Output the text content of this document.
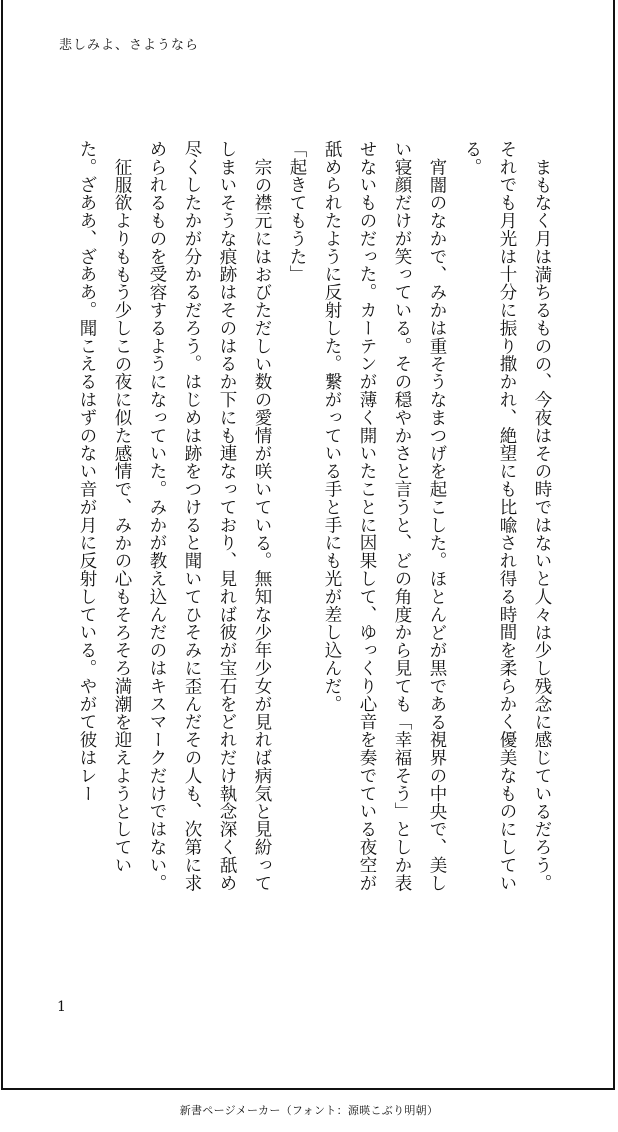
悲しみよ、さようなら

まもなく月は満ちるものの、今夜はその時ではないと人々は少し残念に感じているだろう。それでも月光は十分に振り撒かれ、絶望にも比喩され得る時間を柔らかく優美なものにしている。

宵闇のなかで、みかは重そうなまつげを起こした。ほとんどが黒である視界の中央で、美しい寝顔だけが笑っている。その穏やかさと言うと、どの角度から見ても「幸福そう」としか表せないものだった。カーテンが薄く開いたことに因果して、ゆっくり心音を奏でている夜空が舐められたように反射した。繋がっている手と手にも光が差し込んだ。

「起きてもうた」

宗の襟元にはおびただしい数の愛情が咲いている。無知な少年少女が見れば病気と見紛ってしまいそうな痕跡はそのはるか下にも連なっており、見れば彼が宝石をどれだけ執念深く舐め尽くしたかが分かるだろう。はじめは跡をつけると聞いてひそみに歪んだその人も、次第に求められるものを受容するようになっていた。みかが教え込んだのはキスマークだけではない。

征服欲よりももう少しこの夜に似た感情で、みかの心もそろそろ満潮を迎えようとしていた。ざああ、ざああ。聞こえるはずのない音が月に反射している。やがて彼はレー

1
新書ページメーカー（フォント：源暎こぶり明朝）
